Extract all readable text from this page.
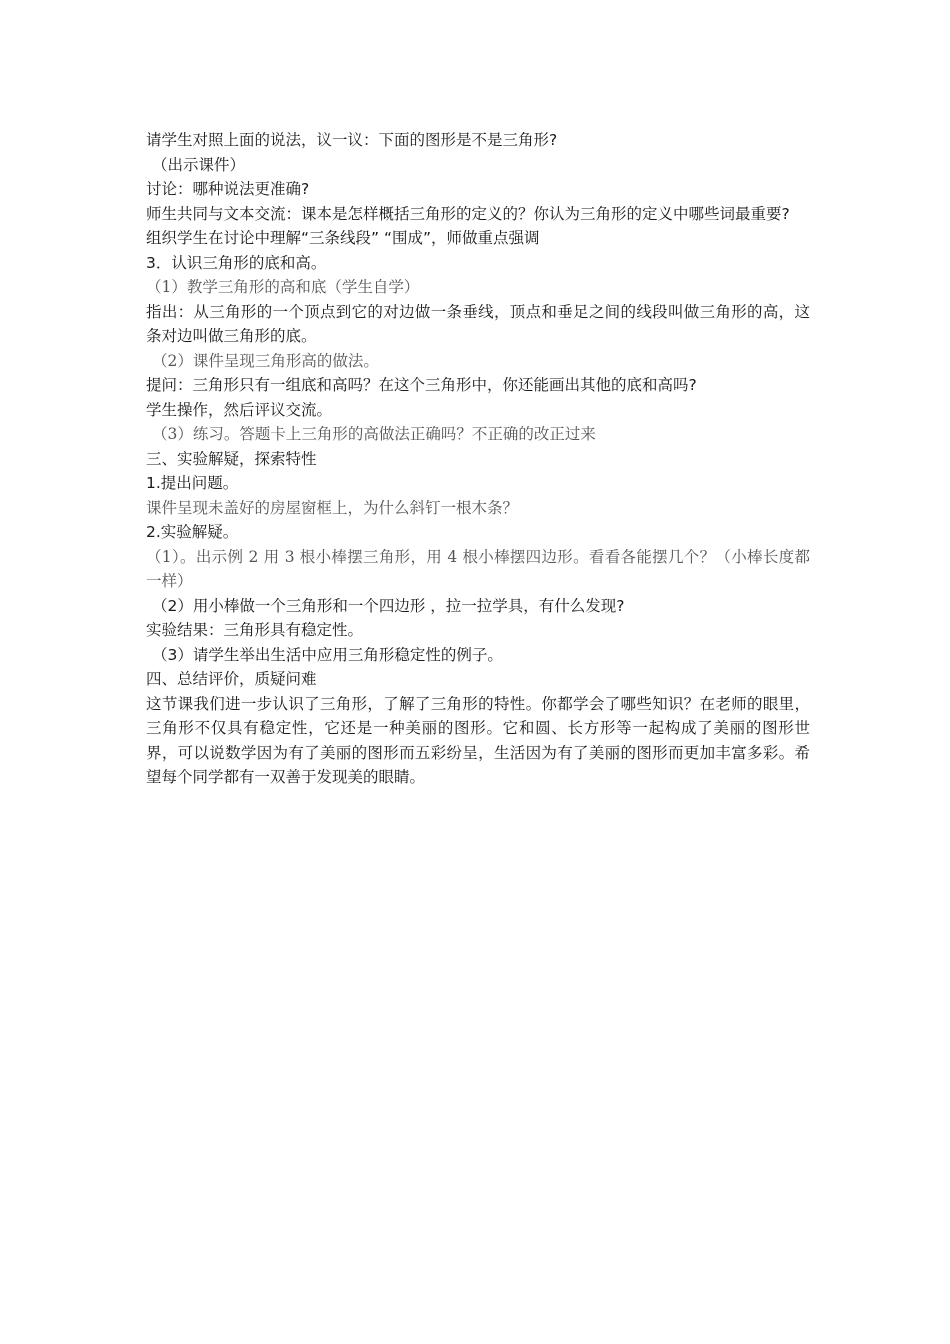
请学生对照上面的说法，议一议：下面的图形是不是三角形?
（出示课件）
讨论：哪种说法更准确?
师生共同与文本交流：课本是怎样概括三角形的定义的？你认为三角形的定义中哪些词最重要?
组织学生在讨论中理解“三条线段” “围成”，师做重点强调
3．认识三角形的底和高。
（1）教学三角形的高和底（学生自学）
指出：从三角形的一个顶点到它的对边做一条垂线，顶点和垂足之间的线段叫做三角形的高，这条对边叫做三角形的底。
（2）课件呈现三角形高的做法。
提问：三角形只有一组底和高吗？在这个三角形中，你还能画出其他的底和高吗?
学生操作，然后评议交流。
（3）练习。答题卡上三角形的高做法正确吗？不正确的改正过来
三、实验解疑，探索特性
1.提出问题。
课件呈现未盖好的房屋窗框上，为什么斜钉一根木条？
2.实验解疑。
（1）。出示例 2 用 3 根小棒摆三角形，用 4 根小棒摆四边形。看看各能摆几个？（小棒长度都一样）
（2）用小棒做一个三角形和一个四边形 ，拉一拉学具，有什么发现?
实验结果：三角形具有稳定性。
（3）请学生举出生活中应用三角形稳定性的例子。
四、总结评价，质疑问难
这节课我们进一步认识了三角形，了解了三角形的特性。你都学会了哪些知识？在老师的眼里，三角形不仅具有稳定性，它还是一种美丽的图形。它和圆、长方形等一起构成了美丽的图形世界，可以说数学因为有了美丽的图形而五彩纷呈，生活因为有了美丽的图形而更加丰富多彩。希望每个同学都有一双善于发现美的眼睛。
